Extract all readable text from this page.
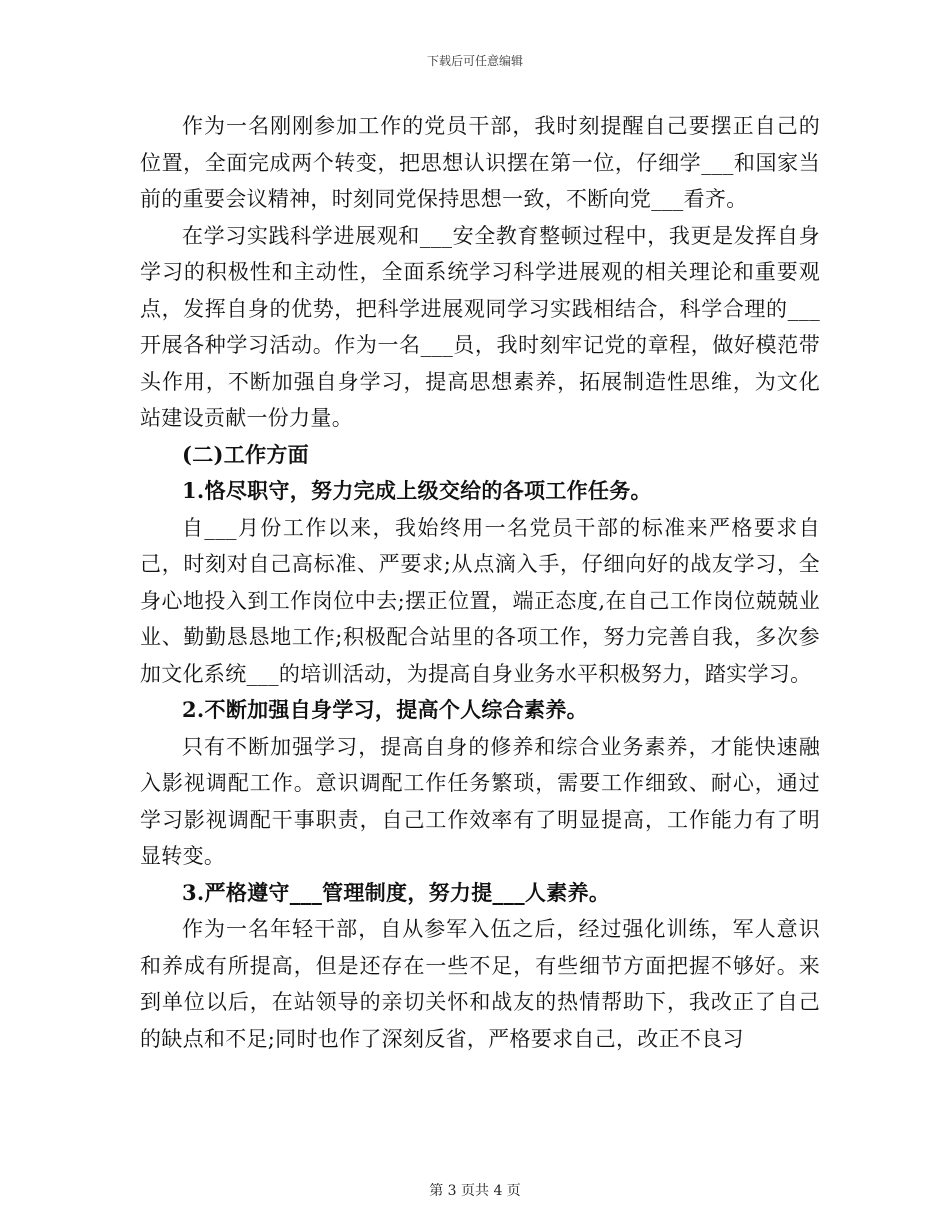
下载后可任意编辑

作为一名刚刚参加工作的党员干部，我时刻提醒自己要摆正自己的位置，全面完成两个转变，把思想认识摆在第一位，仔细学___和国家当前的重要会议精神，时刻同党保持思想一致，不断向党___看齐。

在学习实践科学进展观和___安全教育整顿过程中，我更是发挥自身学习的积极性和主动性，全面系统学习科学进展观的相关理论和重要观点，发挥自身的优势，把科学进展观同学习实践相结合，科学合理的___开展各种学习活动。作为一名___员，我时刻牢记党的章程，做好模范带头作用，不断加强自身学习，提高思想素养，拓展制造性思维，为文化站建设贡献一份力量。

(二)工作方面

1.恪尽职守，努力完成上级交给的各项工作任务。

自___月份工作以来，我始终用一名党员干部的标准来严格要求自己，时刻对自己高标准、严要求;从点滴入手，仔细向好的战友学习，全身心地投入到工作岗位中去;摆正位置，端正态度,在自己工作岗位兢兢业业、勤勤恳恳地工作;积极配合站里的各项工作，努力完善自我，多次参加文化系统___的培训活动，为提高自身业务水平积极努力，踏实学习。

2.不断加强自身学习，提高个人综合素养。

只有不断加强学习，提高自身的修养和综合业务素养，才能快速融入影视调配工作。意识调配工作任务繁琐，需要工作细致、耐心，通过学习影视调配干事职责，自己工作效率有了明显提高，工作能力有了明显转变。

3.严格遵守___管理制度，努力提___人素养。

作为一名年轻干部，自从参军入伍之后，经过强化训练，军人意识和养成有所提高，但是还存在一些不足，有些细节方面把握不够好。来到单位以后，在站领导的亲切关怀和战友的热情帮助下，我改正了自己的缺点和不足;同时也作了深刻反省，严格要求自己，改正不良习

第 3 页共 4 页
